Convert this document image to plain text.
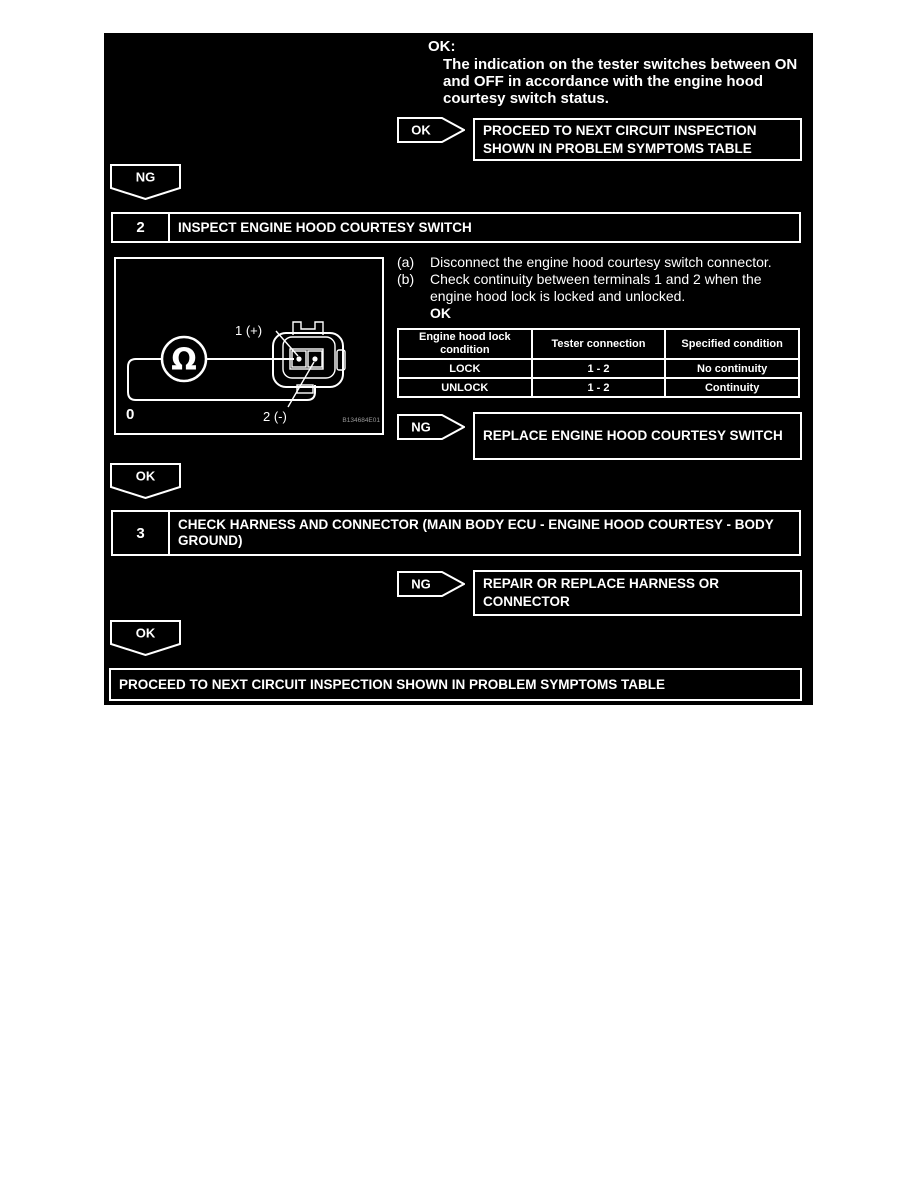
OK:
The indication on the tester switches between ON and OFF in accordance with the engine hood courtesy switch status.
OK	PROCEED TO NEXT CIRCUIT INSPECTION SHOWN IN PROBLEM SYMPTOMS TABLE
NG
2	INSPECT ENGINE HOOD COURTESY SWITCH
Ω
1 (+)
2 (-)
0	B134684E01
(a)	Disconnect the engine hood courtesy switch connector.
(b)	Check continuity between terminals 1 and 2 when the engine hood lock is locked and unlocked.
OK
Engine hood lock condition	Tester connection	Specified condition
LOCK	1 - 2	No continuity
UNLOCK	1 - 2	Continuity
NG
REPLACE ENGINE HOOD COURTESY SWITCH
OK
3	CHECK HARNESS AND CONNECTOR (MAIN BODY ECU - ENGINE HOOD COURTESY - BODY GROUND)
NG	REPAIR OR REPLACE HARNESS OR CONNECTOR
OK
PROCEED TO NEXT CIRCUIT INSPECTION SHOWN IN PROBLEM SYMPTOMS TABLE
